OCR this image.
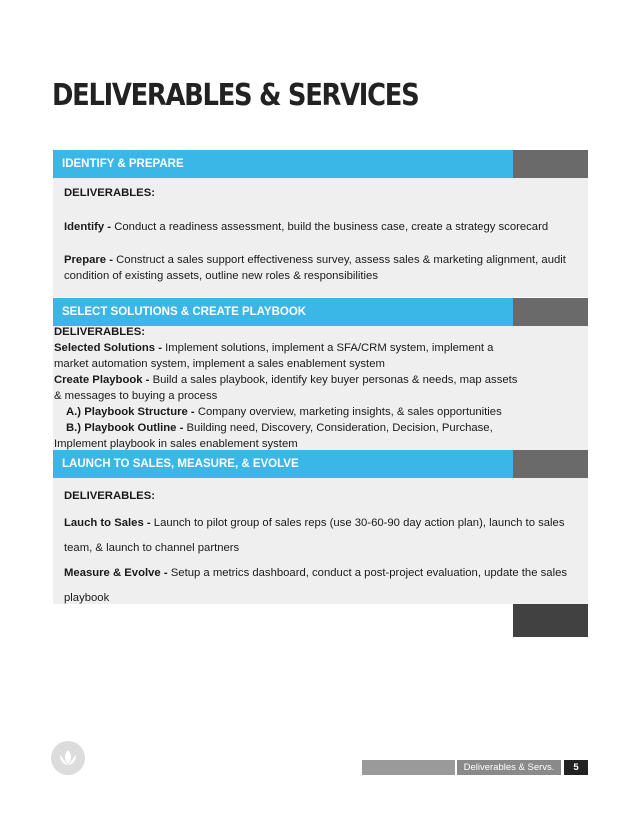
DELIVERABLES & SERVICES
IDENTIFY & PREPARE
DELIVERABLES:
Identify - Conduct a readiness assessment, build the business case, create a strategy scorecard
Prepare - Construct a sales support effectiveness survey, assess sales & marketing alignment, audit condition of existing assets, outline new roles & responsibilities
SELECT SOLUTIONS & CREATE PLAYBOOK
DELIVERABLES:
Selected Solutions - Implement solutions, implement a SFA/CRM system, implement a
market automation system, implement a sales enablement system
Create Playbook - Build a sales playbook, identify key buyer personas & needs, map assets
& messages to buying a process
A.) Playbook Structure - Company overview, marketing insights, & sales opportunities
B.) Playbook Outline - Building need, Discovery, Consideration, Decision, Purchase,
Implement playbook in sales enablement system
LAUNCH TO SALES, MEASURE, & EVOLVE
DELIVERABLES:
Lauch to Sales - Launch to pilot group of sales reps (use 30-60-90 day action plan), launch to sales
team, & launch to channel partners
Measure & Evolve - Setup a metrics dashboard, conduct a post-project evaluation, update the sales
playbook
Deliverables & Servs.	5
